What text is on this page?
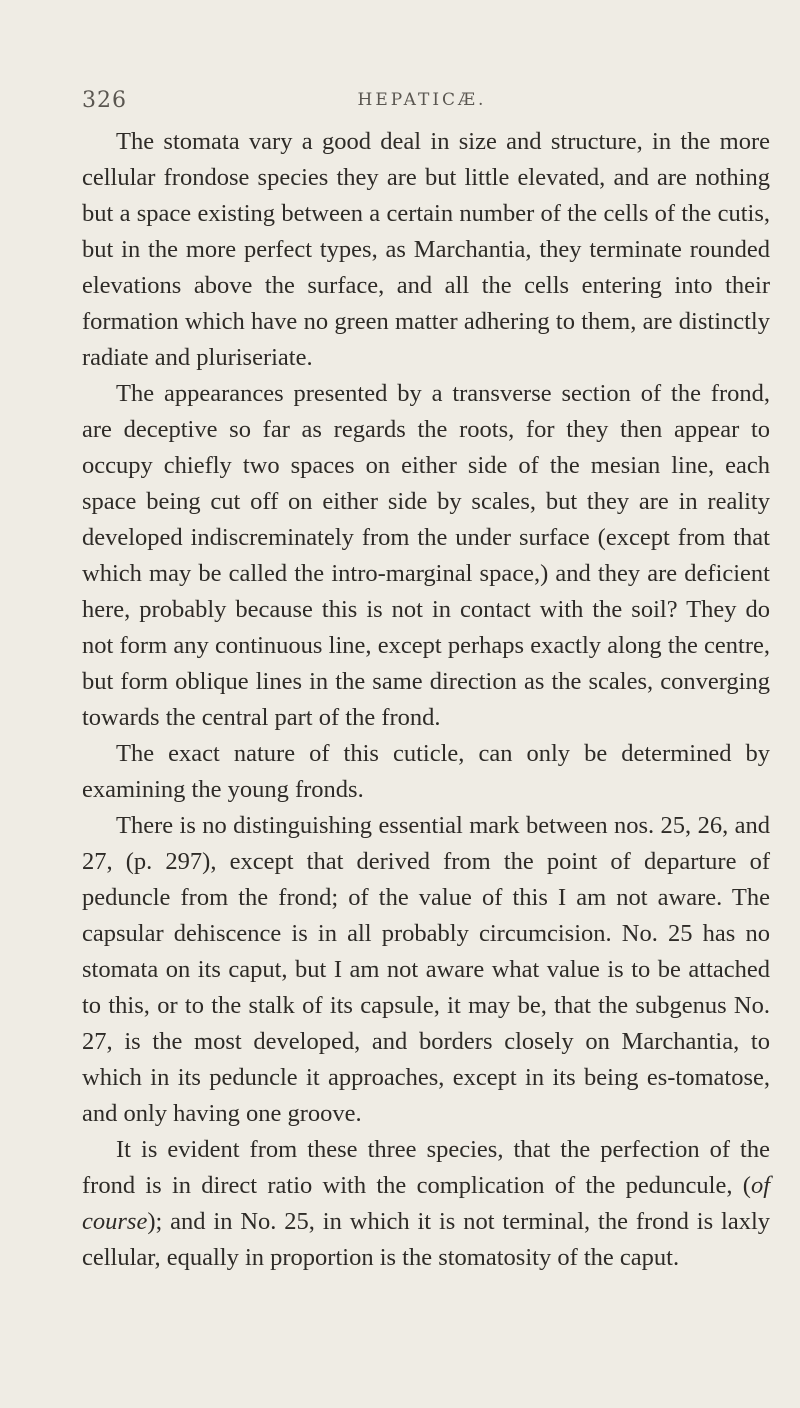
326	HEPATICÆ.

The stomata vary a good deal in size and structure, in the more cellular frondose species they are but little elevated, and are nothing but a space existing between a certain number of the cells of the cutis, but in the more perfect types, as Marchantia, they terminate rounded elevations above the surface, and all the cells entering into their formation which have no green matter adhering to them, are distinctly radiate and pluriseriate.

The appearances presented by a transverse section of the frond, are deceptive so far as regards the roots, for they then appear to occupy chiefly two spaces on either side of the mesian line, each space being cut off on either side by scales, but they are in reality developed indiscreminately from the under surface (except from that which may be called the intro-marginal space,) and they are deficient here, probably because this is not in contact with the soil? They do not form any continuous line, except perhaps exactly along the centre, but form oblique lines in the same direction as the scales, converging towards the central part of the frond.

The exact nature of this cuticle, can only be determined by examining the young fronds.

There is no distinguishing essential mark between nos. 25, 26, and 27, (p. 297), except that derived from the point of departure of peduncle from the frond; of the value of this I am not aware. The capsular dehiscence is in all probably circumcision. No. 25 has no stomata on its caput, but I am not aware what value is to be attached to this, or to the stalk of its capsule, it may be, that the subgenus No. 27, is the most developed, and borders closely on Marchantia, to which in its peduncle it approaches, except in its being es-tomatose, and only having one groove.

It is evident from these three species, that the perfection of the frond is in direct ratio with the complication of the peduncule, (of course); and in No. 25, in which it is not terminal, the frond is laxly cellular, equally in proportion is the stomatosity of the caput.
